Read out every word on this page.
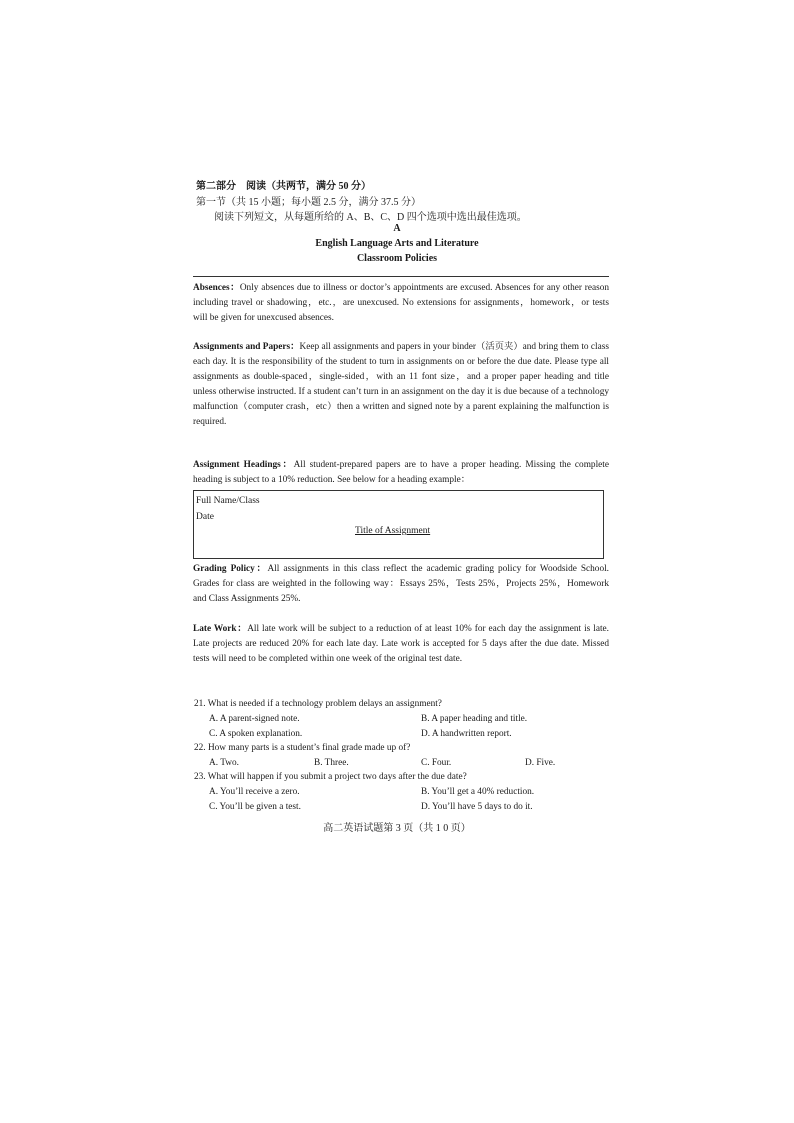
第二部分　阅读（共两节，满分 50 分）
第一节（共 15 小题；每小题 2.5 分，满分 37.5 分）
阅读下列短文，从每题所给的 A、B、C、D 四个选项中选出最佳选项。
A
English Language Arts and Literature
Classroom Policies
Absences：Only absences due to illness or doctor’s appointments are excused. Absences for any other reason including travel or shadowing，etc.，are unexcused. No extensions for assignments，homework，or tests will be given for unexcused absences.
Assignments and Papers：Keep all assignments and papers in your binder（活页夹）and bring them to class each day. It is the responsibility of the student to turn in assignments on or before the due date. Please type all assignments as double-spaced，single-sided，with an 11 font size，and a proper paper heading and title unless otherwise instructed. If a student can’t turn in an assignment on the day it is due because of a technology malfunction（computer crash，etc）then a written and signed note by a parent explaining the malfunction is required.
Assignment Headings：All student-prepared papers are to have a proper heading. Missing the complete heading is subject to a 10% reduction. See below for a heading example：
Full Name/Class
Date
Title of Assignment
Grading Policy：All assignments in this class reflect the academic grading policy for Woodside School. Grades for class are weighted in the following way：Essays 25%，Tests 25%，Projects 25%，Homework and Class Assignments 25%.
Late Work：All late work will be subject to a reduction of at least 10% for each day the assignment is late. Late projects are reduced 20% for each late day. Late work is accepted for 5 days after the due date. Missed tests will need to be completed within one week of the original test date.
21. What is needed if a technology problem delays an assignment?
A. A parent-signed note.	B. A paper heading and title.
C. A spoken explanation.	D. A handwritten report.
22. How many parts is a student’s final grade made up of?
A. Two.	B. Three.	C. Four.	D. Five.
23. What will happen if you submit a project two days after the due date?
A. You’ll receive a zero.	B. You’ll get a 40% reduction.
C. You’ll be given a test.	D. You’ll have 5 days to do it.
高二英语试题第 3 页（共 1 0 页）
